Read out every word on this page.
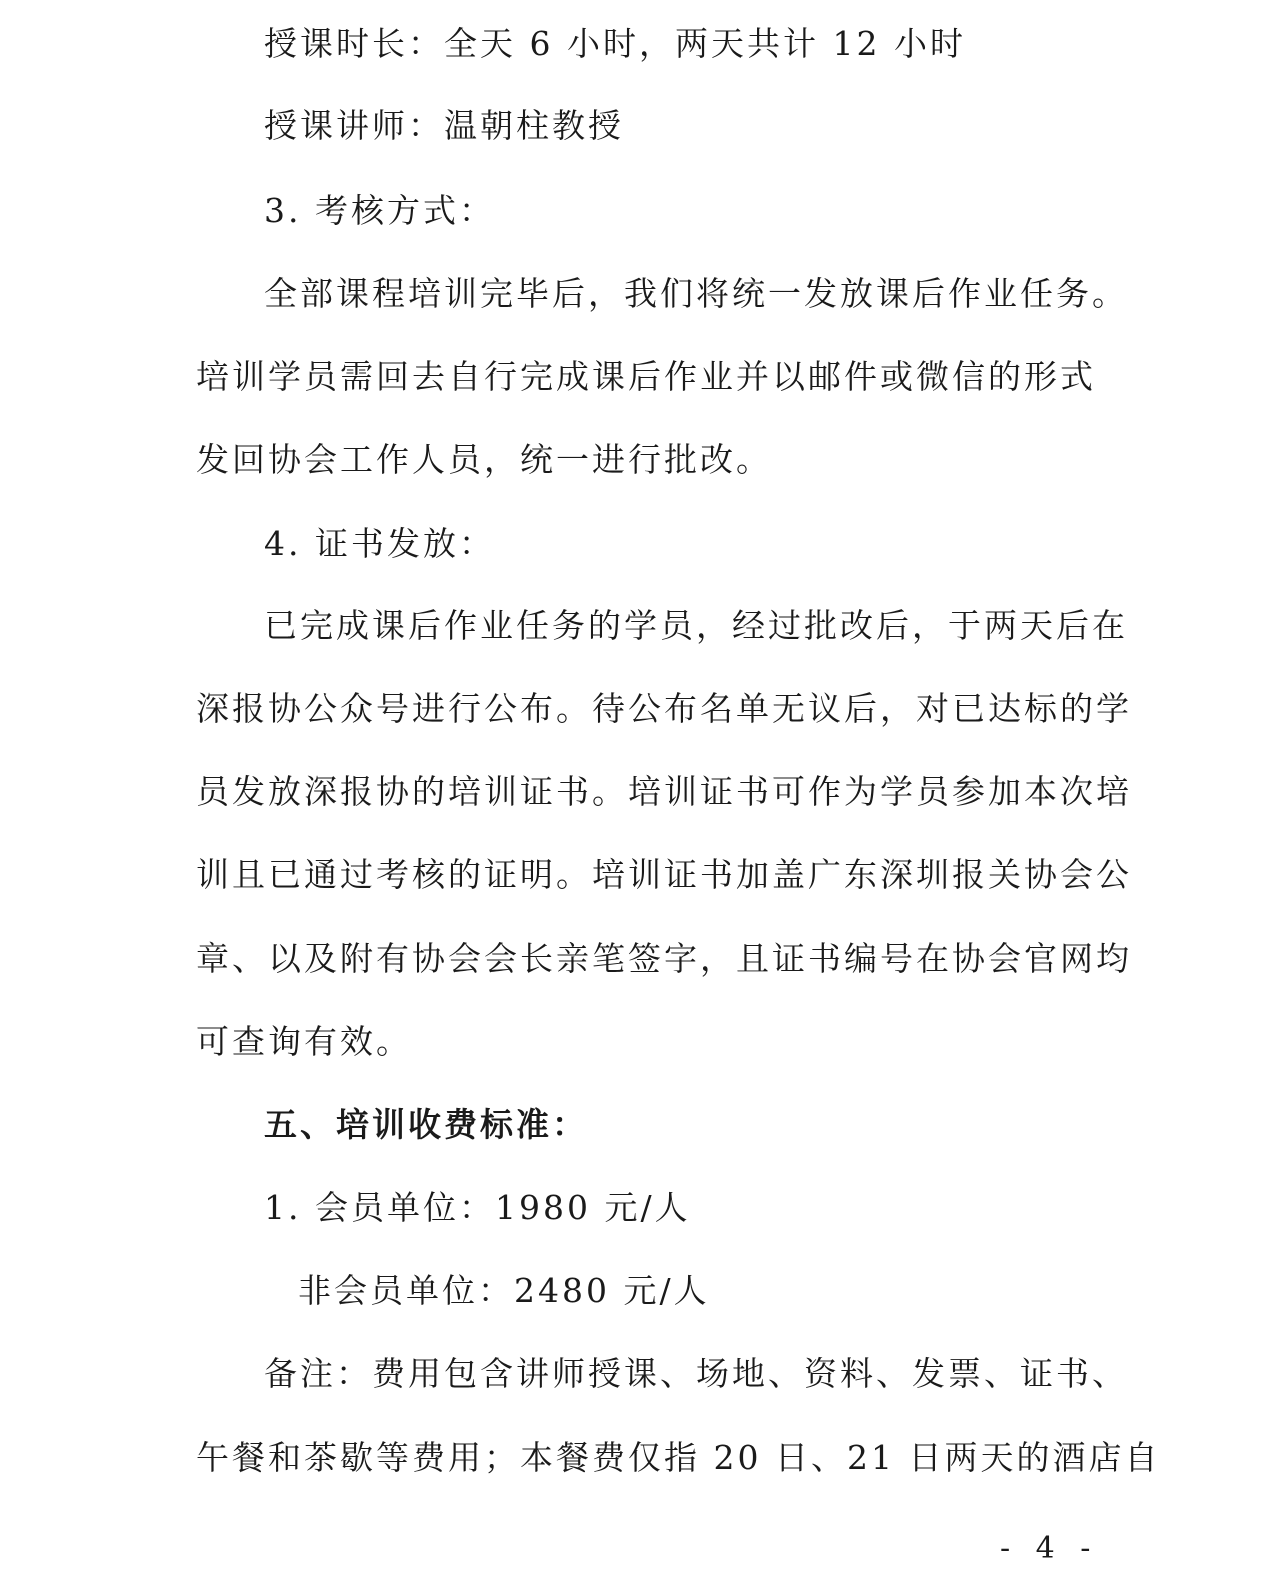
授课时长：全天 6 小时，两天共计 12 小时
授课讲师：温朝柱教授
3. 考核方式：
全部课程培训完毕后，我们将统一发放课后作业任务。
培训学员需回去自行完成课后作业并以邮件或微信的形式
发回协会工作人员，统一进行批改。
4. 证书发放：
已完成课后作业任务的学员，经过批改后，于两天后在
深报协公众号进行公布。待公布名单无议后，对已达标的学
员发放深报协的培训证书。培训证书可作为学员参加本次培
训且已通过考核的证明。培训证书加盖广东深圳报关协会公
章、以及附有协会会长亲笔签字，且证书编号在协会官网均
可查询有效。
五、培训收费标准：
1. 会员单位：1980 元/人
非会员单位：2480 元/人
备注：费用包含讲师授课、场地、资料、发票、证书、
午餐和茶歇等费用；本餐费仅指 20 日、21 日两天的酒店自
- 4 -
